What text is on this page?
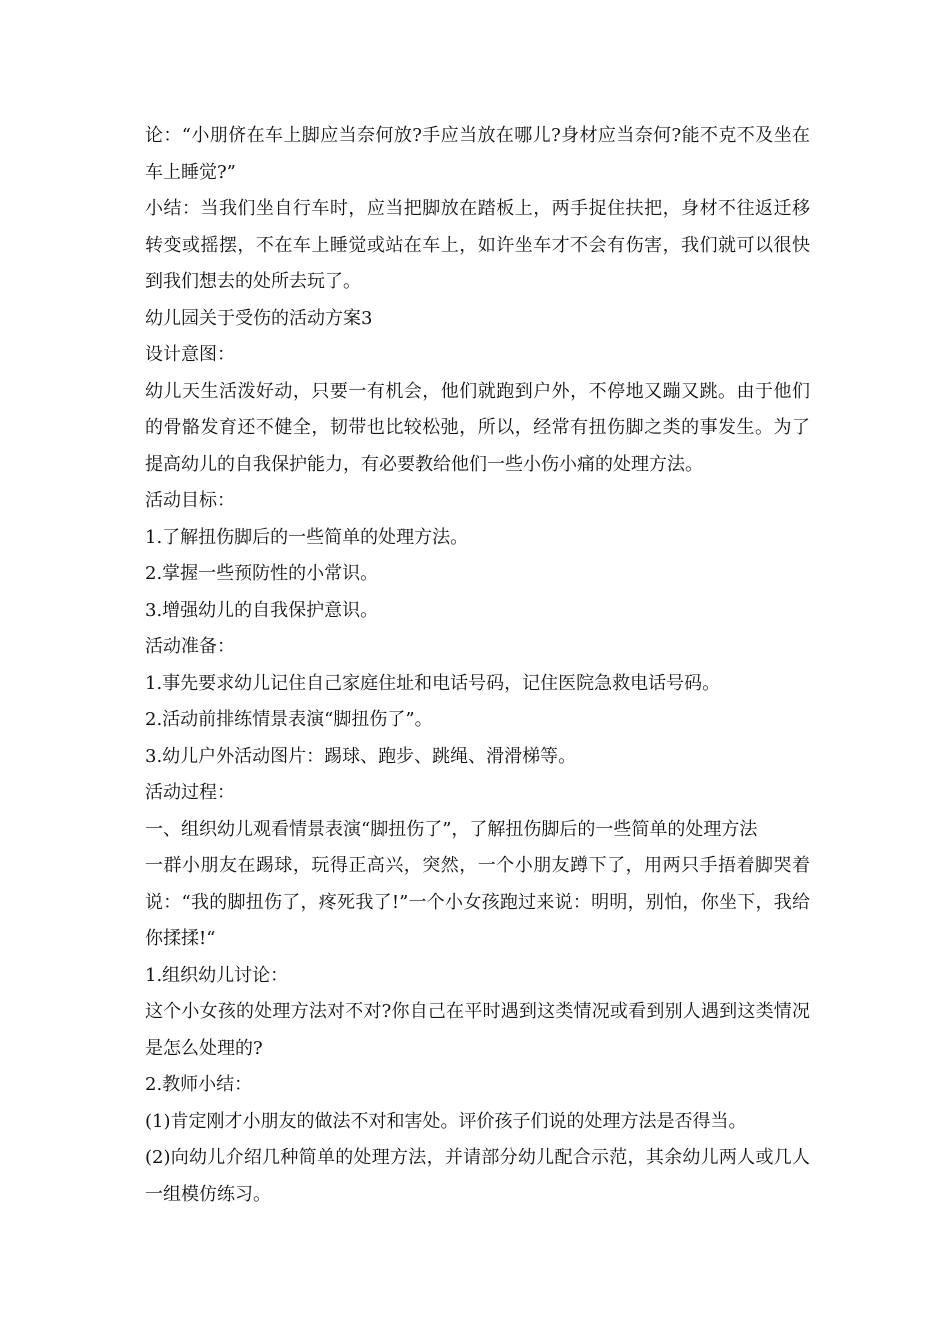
论：“小朋侪在车上脚应当奈何放?手应当放在哪儿?身材应当奈何?能不克不及坐在车上睡觉?”

小结：当我们坐自行车时，应当把脚放在踏板上，两手捉住扶把，身材不往返迁移转变或摇摆，不在车上睡觉或站在车上，如许坐车才不会有伤害，我们就可以很快到我们想去的处所去玩了。

幼儿园关于受伤的活动方案3

设计意图：

幼儿天生活泼好动，只要一有机会，他们就跑到户外，不停地又蹦又跳。由于他们的骨骼发育还不健全，韧带也比较松弛，所以，经常有扭伤脚之类的事发生。为了提高幼儿的自我保护能力，有必要教给他们一些小伤小痛的处理方法。

活动目标：

1.了解扭伤脚后的一些简单的处理方法。

2.掌握一些预防性的小常识。

3.增强幼儿的自我保护意识。

活动准备：

1.事先要求幼儿记住自己家庭住址和电话号码，记住医院急救电话号码。

2.活动前排练情景表演“脚扭伤了”。

3.幼儿户外活动图片：踢球、跑步、跳绳、滑滑梯等。

活动过程：

一、组织幼儿观看情景表演“脚扭伤了”，了解扭伤脚后的一些简单的处理方法

一群小朋友在踢球，玩得正高兴，突然，一个小朋友蹲下了，用两只手捂着脚哭着说：“我的脚扭伤了，疼死我了!”一个小女孩跑过来说：明明，别怕，你坐下，我给你揉揉!“

1.组织幼儿讨论：

这个小女孩的处理方法对不对?你自己在平时遇到这类情况或看到别人遇到这类情况是怎么处理的?

2.教师小结：

(1)肯定刚才小朋友的做法不对和害处。评价孩子们说的处理方法是否得当。

(2)向幼儿介绍几种简单的处理方法，并请部分幼儿配合示范，其余幼儿两人或几人一组模仿练习。
